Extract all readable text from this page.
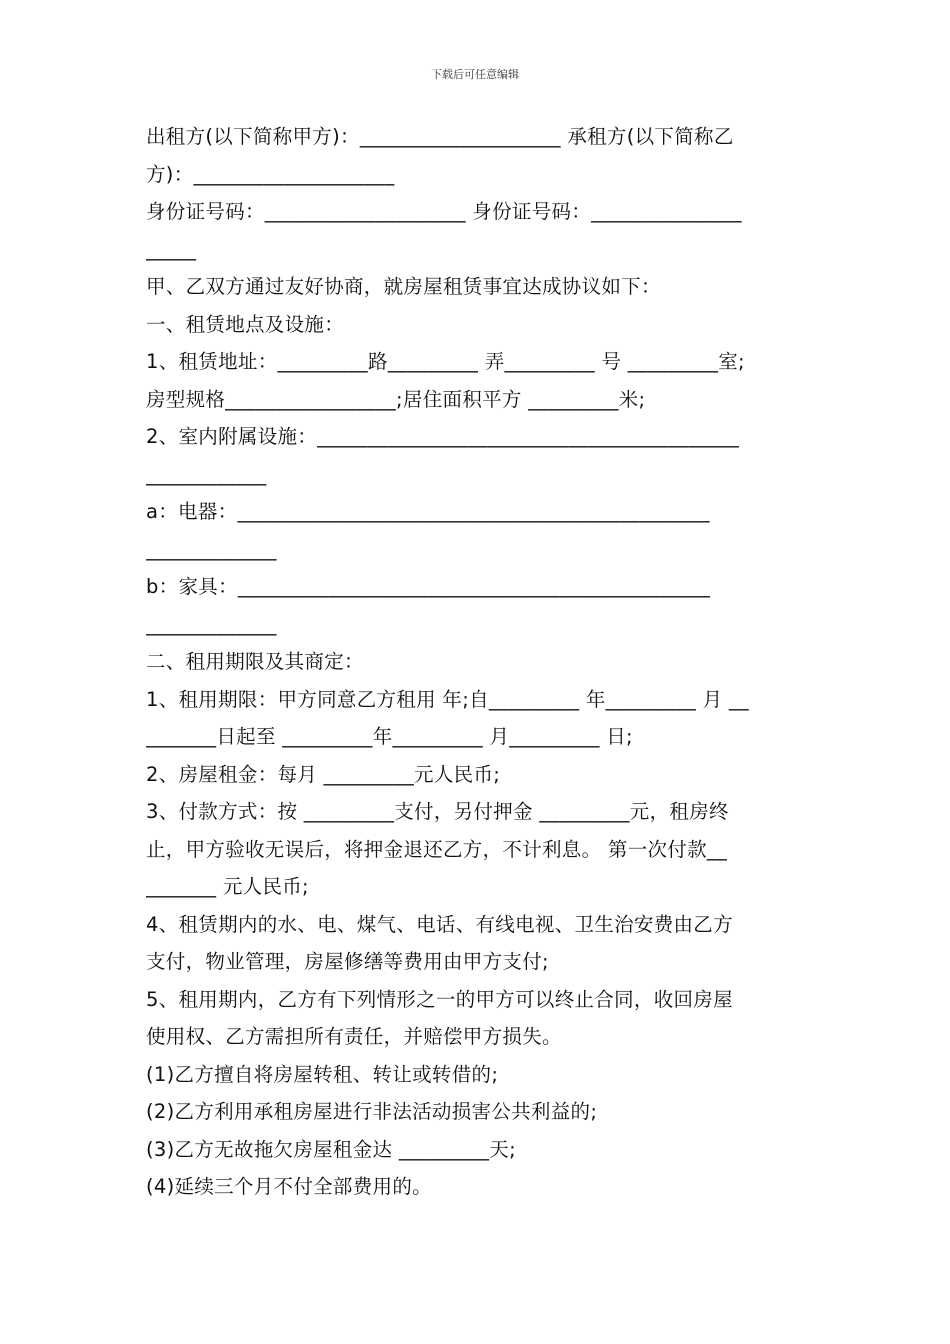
下载后可任意编辑
出租方(以下简称甲方)：____________________ 承租方(以下简称乙
方)：____________________
身份证号码：____________________ 身份证号码：_______________
_____
甲、乙双方通过友好协商，就房屋租赁事宜达成协议如下：
一、租赁地点及设施：
1、租赁地址：_________路_________ 弄_________ 号 _________室;
房型规格_________________;居住面积平方 _________米;
2、室内附属设施：__________________________________________
____________
a：电器：_______________________________________________
_____________
b：家具：_______________________________________________
_____________
二、租用期限及其商定：
1、租用期限：甲方同意乙方租用 年;自_________ 年_________ 月 __
_______日起至 _________年_________ 月_________ 日;
2、房屋租金：每月 _________元人民币;
3、付款方式：按 _________支付，另付押金 _________元，租房终
止，甲方验收无误后，将押金退还乙方，不计利息。 第一次付款__
_______ 元人民币;
4、租赁期内的水、电、煤气、电话、有线电视、卫生治安费由乙方
支付，物业管理，房屋修缮等费用由甲方支付;
5、租用期内，乙方有下列情形之一的甲方可以终止合同，收回房屋
使用权、乙方需担所有责任，并赔偿甲方损失。
(1)乙方擅自将房屋转租、转让或转借的;
(2)乙方利用承租房屋进行非法活动损害公共利益的;
(3)乙方无故拖欠房屋租金达 _________天;
(4)延续三个月不付全部费用的。
